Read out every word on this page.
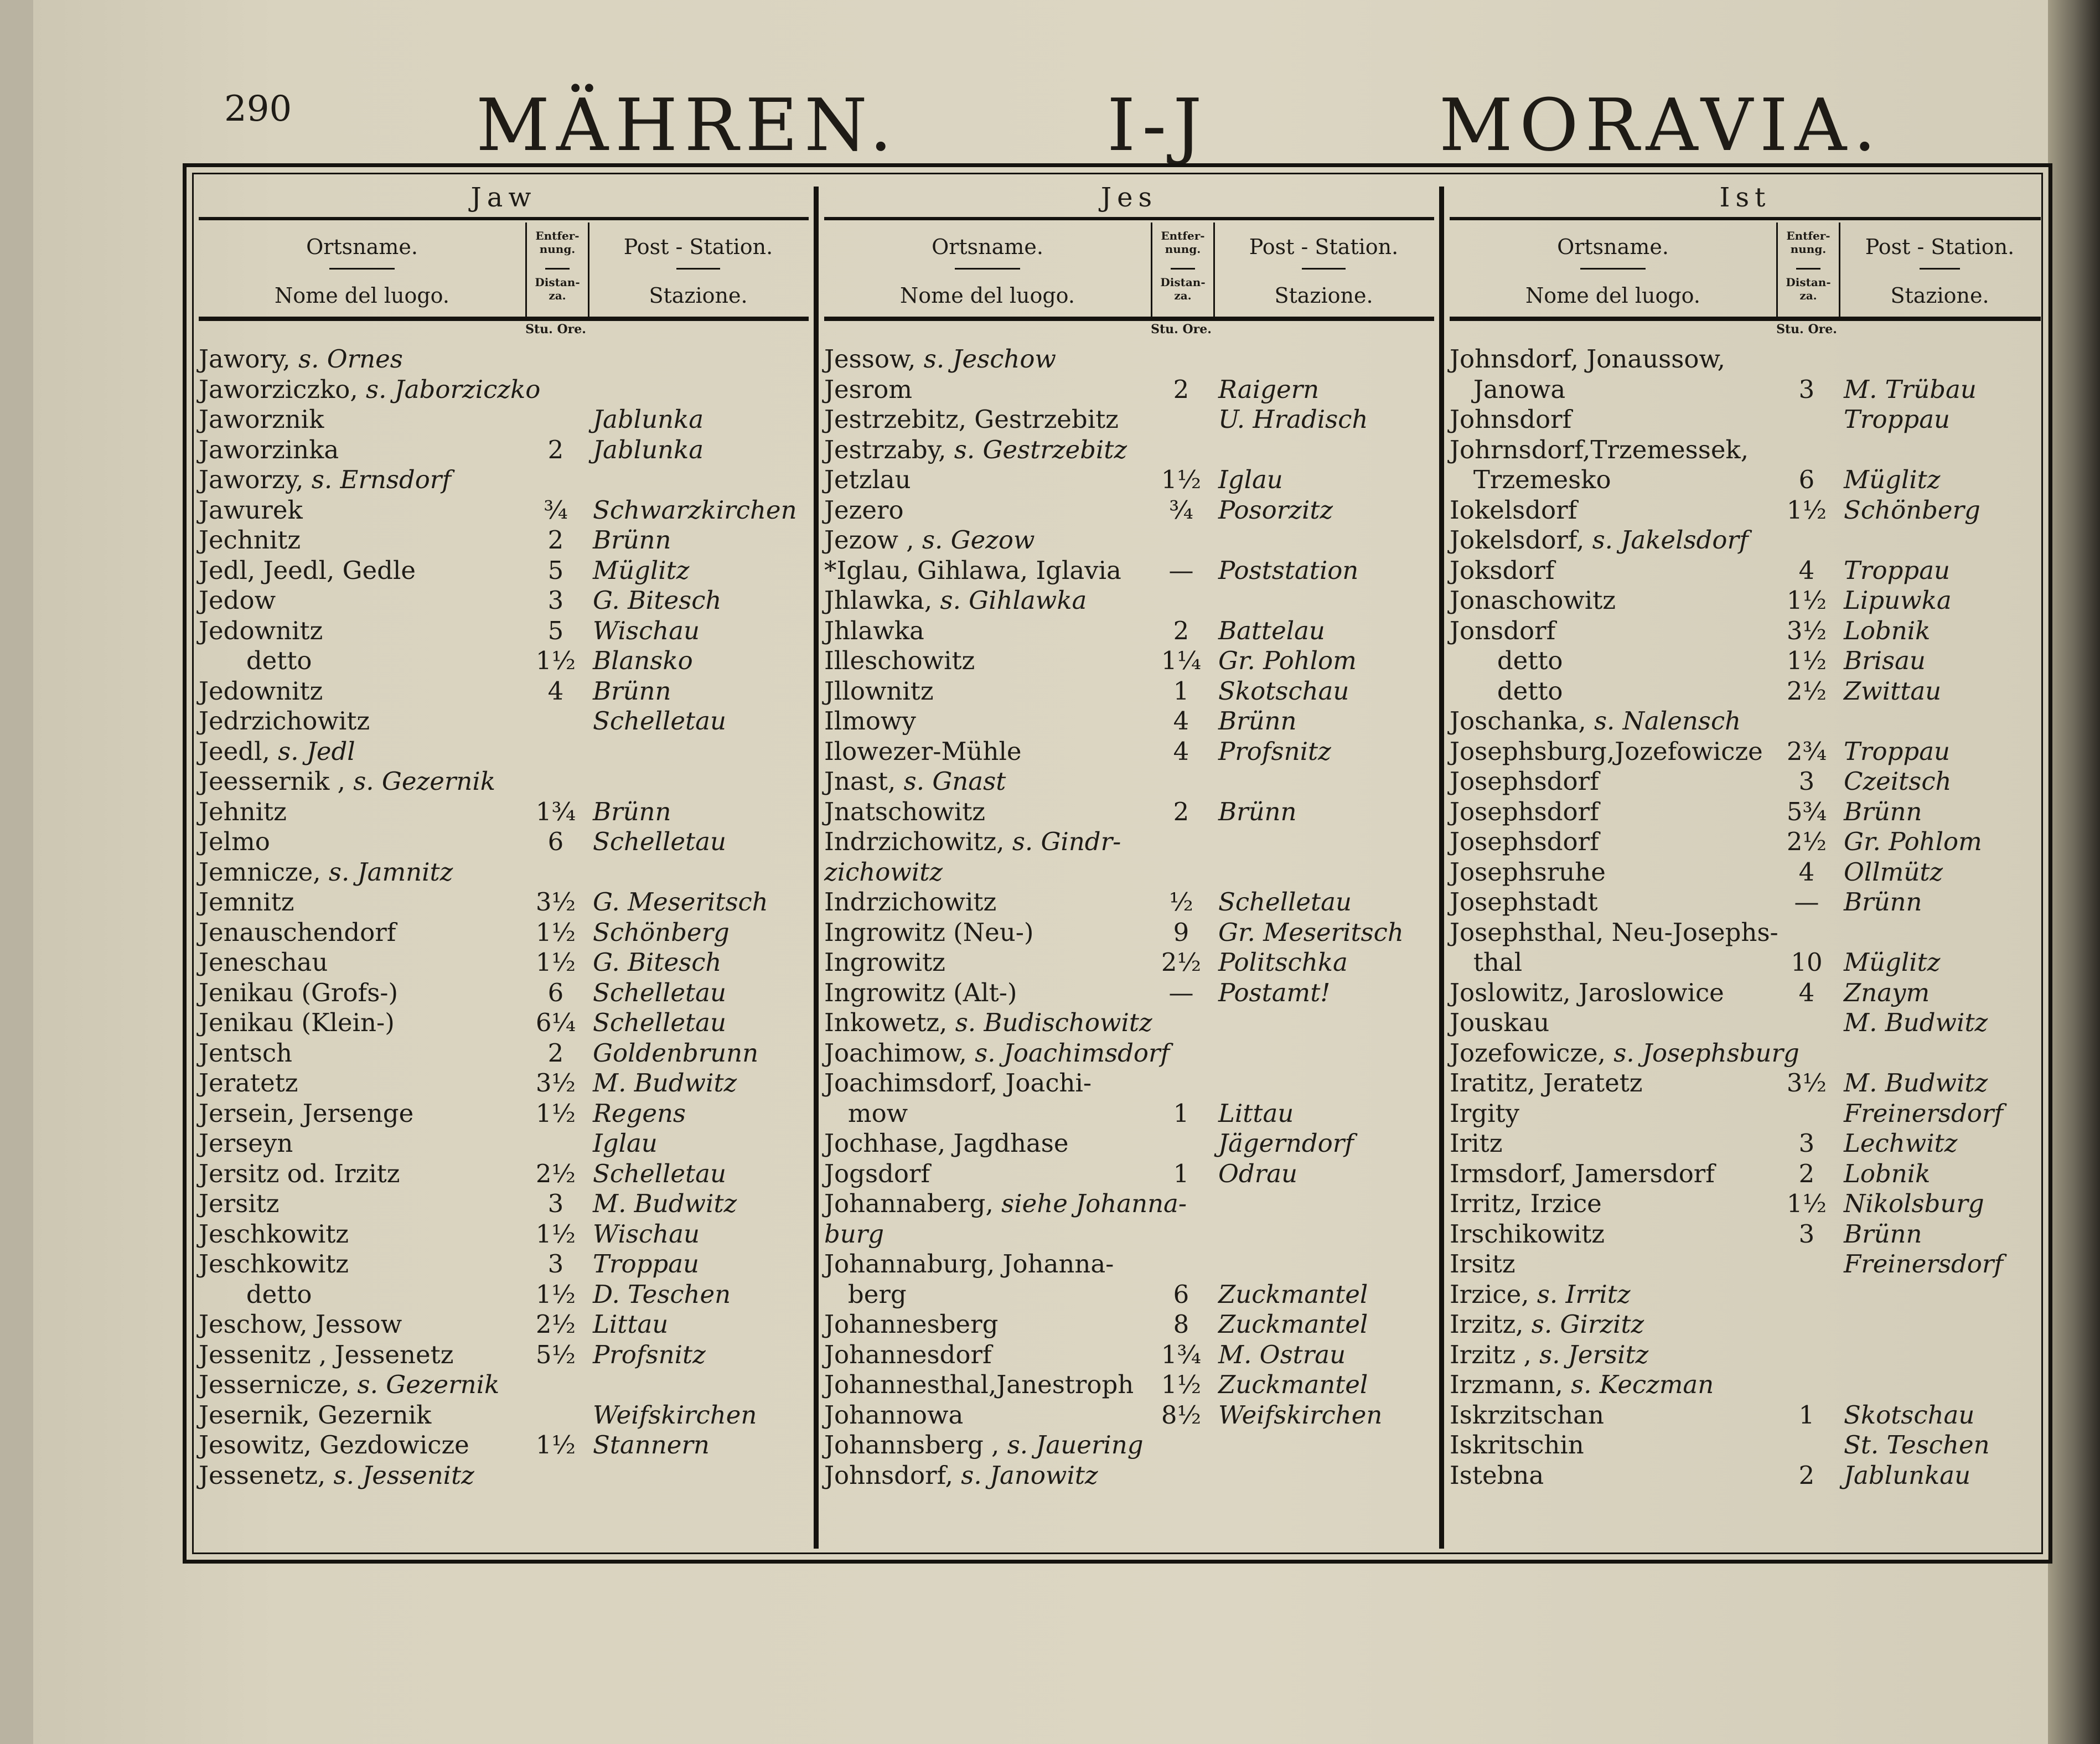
290	MÄHREN.	I-J	MORAVIA.
Jaw
Ortsname.
Nome del luogo.
Entfer-nung.
Distan-za.
Post - Station.
Stazione.
Stu. Ore.
Jawory, s. Ornes
Jaworziczko, s. Jaborziczko
Jaworznik	Jablunka
Jaworzinka	2	Jablunka
Jaworzy, s. Ernsdorf
Jawurek	¾	Schwarzkirchen
Jechnitz	2	Brünn
Jedl, Jeedl, Gedle	5	Müglitz
Jedow	3	G. Bitesch
Jedownitz	5	Wischau
detto	1½ Blansko
Jedownitz	4	Brünn
Jedrzichowitz	Schelletau
Jeedl, s. Jedl
Jeessernik , s. Gezernik
Jehnitz	1¾ Brünn
Jelmo	6	Schelletau
Jemnicze, s. Jamnitz
Jemnitz	3½ G. Meseritsch
Jenauschendorf	1½ Schönberg
Jeneschau	1½ G. Bitesch
Jenikau (Grofs-)	6	Schelletau
Jenikau (Klein-)	6¼ Schelletau
Jentsch	2	Goldenbrunn
Jeratetz	3½ M. Budwitz
Jersein, Jersenge	1½ Regens
Jerseyn	Iglau
Jersitz od. Irzitz	2½ Schelletau
Jersitz	3	M. Budwitz
Jeschkowitz	1½ Wischau
Jeschkowitz	3	Troppau
detto	1½ D. Teschen
Jeschow, Jessow	2½ Littau
Jessenitz , Jessenetz	5½ Profsnitz
Jessernicze, s. Gezernik
Jesernik, Gezernik	Weifskirchen
Jesowitz, Gezdowicze	1½ Stannern
Jessenetz, s. Jessenitz
Jes
Ortsname.
Nome del luogo.
Entfer-nung.
Distan-za.
Post - Station.
Stazione.
Stu. Ore.
Jessow, s. Jeschow
Jesrom	2	Raigern
Jestrzebitz, Gestrzebitz	U. Hradisch
Jestrzaby, s. Gestrzebitz
Jetzlau	1½ Iglau
Jezero	¾	Posorzitz
Jezow , s. Gezow
*Iglau, Gihlawa, Iglavia	— Poststation
Jhlawka, s. Gihlawka
Jhlawka	2	Battelau
Illeschowitz	1¼ Gr. Pohlom
Jllownitz	1	Skotschau
Ilmowy	4	Brünn
Ilowezer-Mühle	4	Profsnitz
Jnast, s. Gnast
Jnatschowitz	2	Brünn
Indrzichowitz, s. Gindr-
zichowitz
Indrzichowitz	½	Schelletau
Ingrowitz (Neu-)	9	Gr. Meseritsch
Ingrowitz	2½ Politschka
Ingrowitz (Alt-)	— Postamt!
Inkowetz, s. Budischowitz
Joachimow, s. Joachimsdorf
Joachimsdorf, Joachi-
mow	1	Littau
Jochhase, Jagdhase	Jägerndorf
Jogsdorf	1	Odrau
Johannaberg, siehe Johanna-
burg
Johannaburg, Johanna-
berg	6	Zuckmantel
Johannesberg	8	Zuckmantel
Johannesdorf	1¾ M. Ostrau
Johannesthal,Janestroph	1½ Zuckmantel
Johannowa	8½ Weifskirchen
Johannsberg , s. Jauering
Johnsdorf, s. Janowitz
Ist
Ortsname.
Nome del luogo.
Entfer-nung.
Distan-za.
Post - Station.
Stazione.
Stu. Ore.
Johnsdorf, Jonaussow,
Janowa	3	M. Trübau
Johnsdorf	Troppau
Johrnsdorf,Trzemessek,
Trzemesko	6	Müglitz
Iokelsdorf	1½ Schönberg
Jokelsdorf, s. Jakelsdorf
Joksdorf	4	Troppau
Jonaschowitz	1½ Lipuwka
Jonsdorf	3½ Lobnik
detto	1½ Brisau
detto	2½ Zwittau
Joschanka, s. Nalensch
Josephsburg,Jozefowicze 2¾ Troppau
Josephsdorf	3	Czeitsch
Josephsdorf	5¾ Brünn
Josephsdorf	2½ Gr. Pohlom
Josephsruhe	4	Ollmütz
Josephstadt	— Brünn
Josephsthal, Neu-Josephs-
thal	10 Müglitz
Joslowitz, Jaroslowice	4	Znaym
Jouskau	M. Budwitz
Jozefowicze, s. Josephsburg
Iratitz, Jeratetz	3½ M. Budwitz
Irgity	Freinersdorf
Iritz	3	Lechwitz
Irmsdorf, Jamersdorf	2	Lobnik
Irritz, Irzice	1½ Nikolsburg
Irschikowitz	3	Brünn
Irsitz	Freinersdorf
Irzice, s. Irritz
Irzitz, s. Girzitz
Irzitz , s. Jersitz
Irzmann, s. Keczman
Iskrzitschan	1	Skotschau
Iskritschin	St. Teschen
Istebna	2	Jablunkau
